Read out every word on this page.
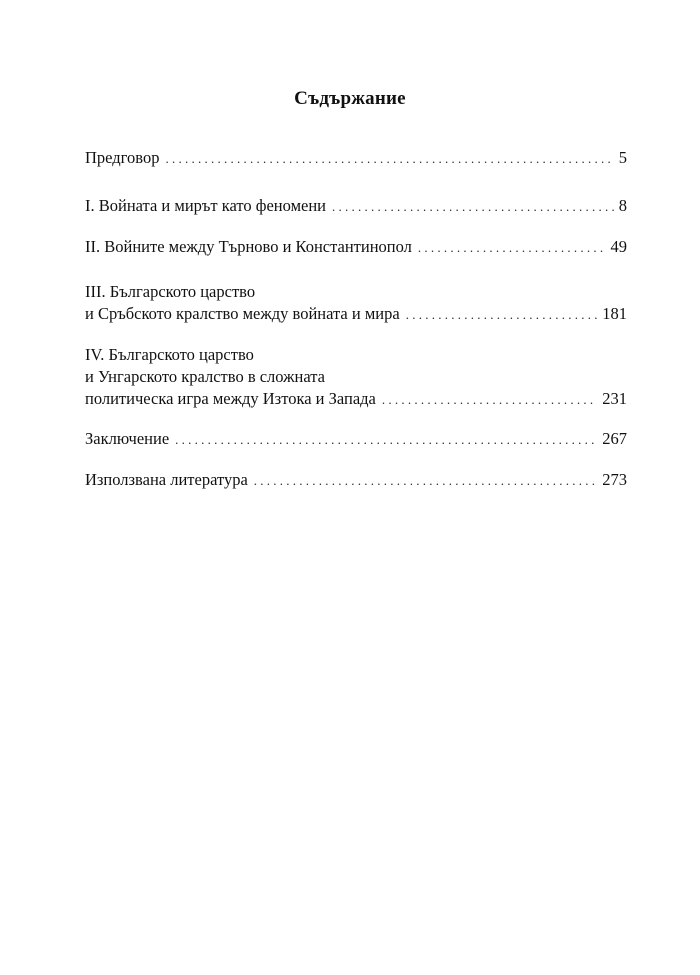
Съдържание
Предговор . . .	5
I. Войната и мирът като феномени . . .	8
II. Войните между Търново и Константинопол . . .	49
III. Българското царство
и Сръбското кралство между войната и мира . . .	181
IV. Българското царство
и Унгарското кралство в сложната
политическа игра между Изтока и Запада . . .	231
Заключение . . .	267
Използвана литература . . .	273
